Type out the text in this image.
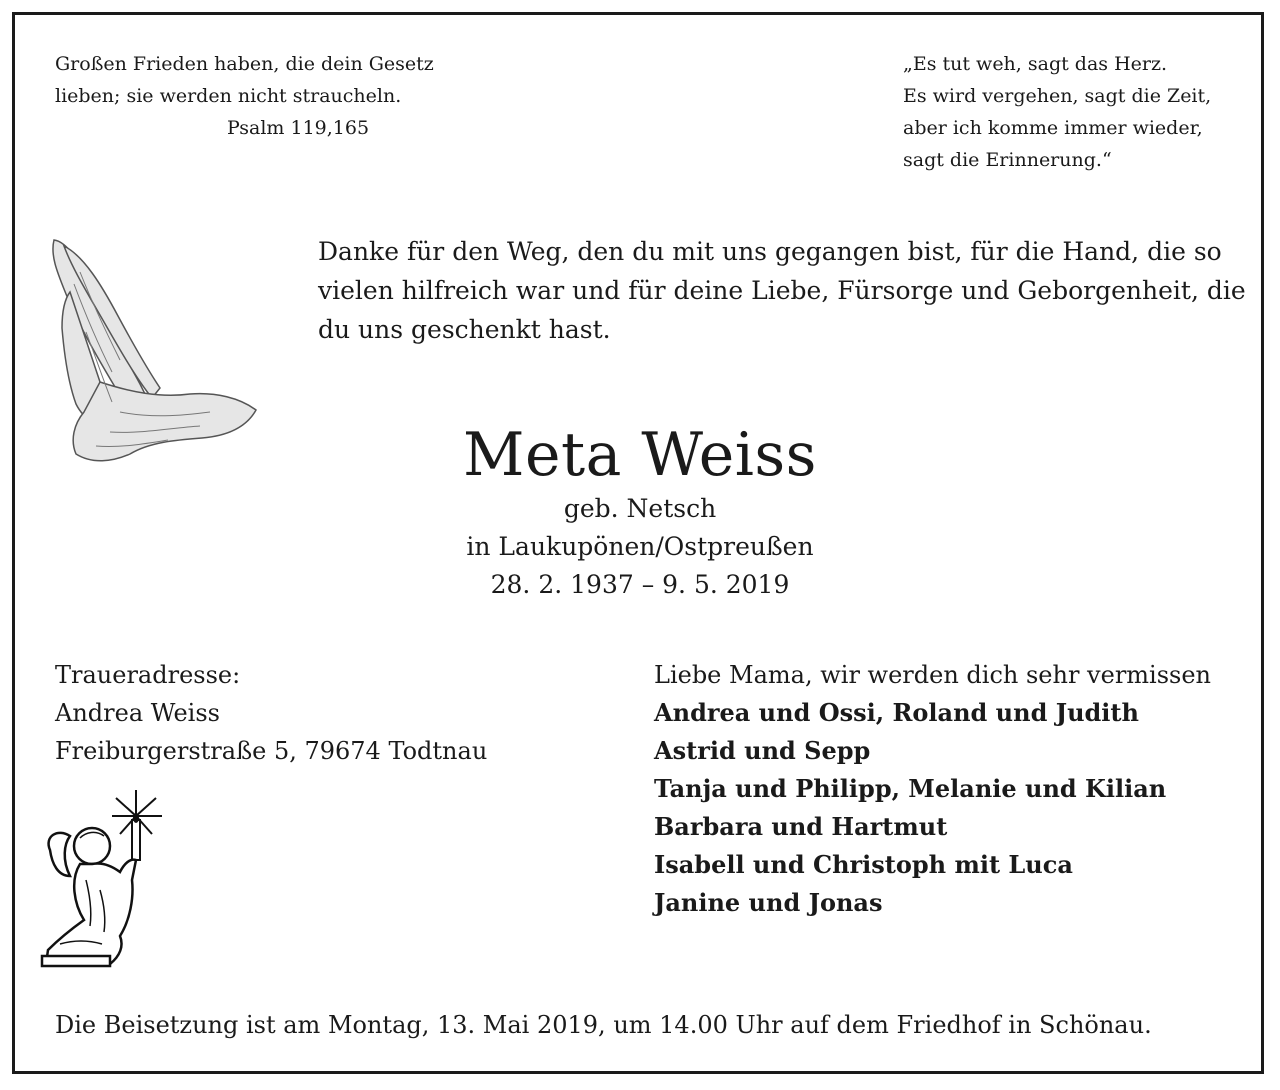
Großen Frieden haben, die dein Gesetz
lieben; sie werden nicht straucheln.
Psalm 119,165
„Es tut weh, sagt das Herz.
Es wird vergehen, sagt die Zeit,
aber ich komme immer wieder,
sagt die Erinnerung.“
Danke für den Weg, den du mit uns gegangen bist, für die Hand, die so
vielen hilfreich war und für deine Liebe, Fürsorge und Geborgenheit, die
du uns geschenkt hast.
Meta Weiss
geb. Netsch
in Laukupönen/Ostpreußen
28. 2. 1937 – 9. 5. 2019
Traueradresse:
Andrea Weiss
Freiburgerstraße 5, 79674 Todtnau
Liebe Mama, wir werden dich sehr vermissen
Andrea und Ossi, Roland und Judith
Astrid und Sepp
Tanja und Philipp, Melanie und Kilian
Barbara und Hartmut
Isabell und Christoph mit Luca
Janine und Jonas
Die Beisetzung ist am Montag, 13. Mai 2019, um 14.00 Uhr auf dem Friedhof in Schönau.
